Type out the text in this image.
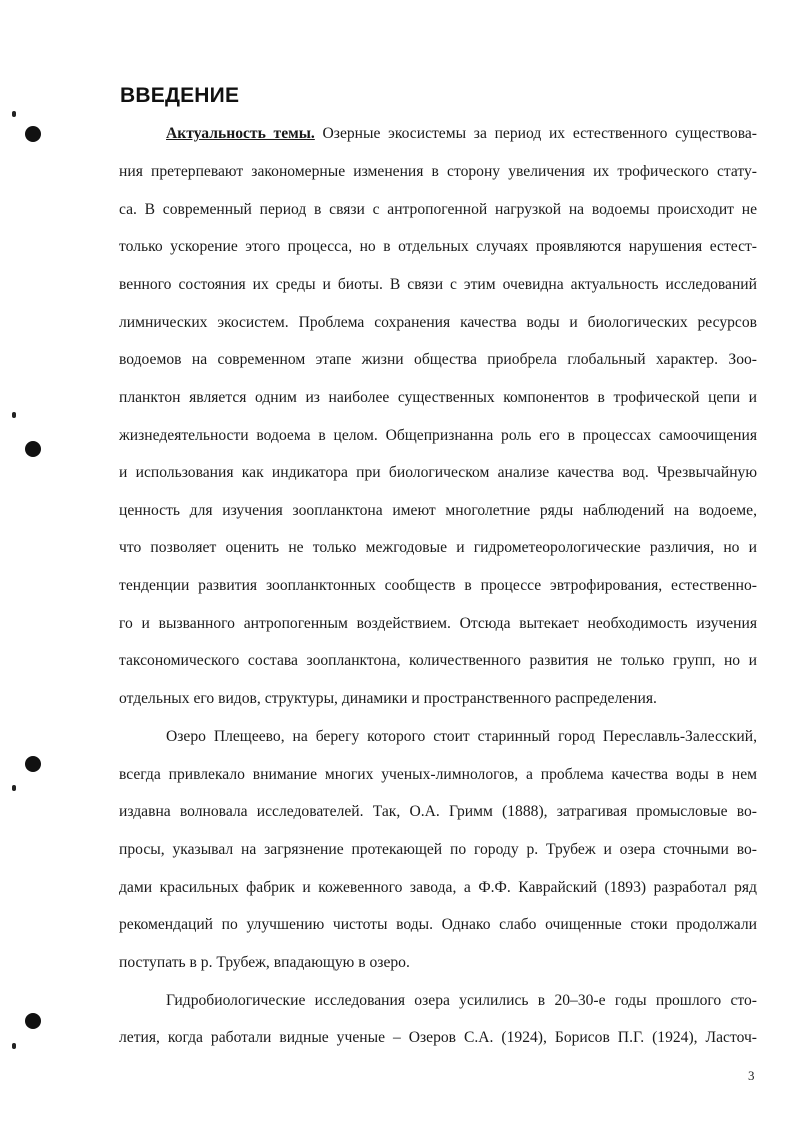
ВВЕДЕНИЕ
Актуальность темы. Озерные экосистемы за период их естественного существова-
ния претерпевают закономерные изменения в сторону увеличения их трофического стату-
са. В современный период в связи с антропогенной нагрузкой на водоемы происходит не
только ускорение этого процесса, но в отдельных случаях проявляются нарушения естест-
венного состояния их среды и биоты. В связи с этим очевидна актуальность исследований
лимнических экосистем. Проблема сохранения качества воды и биологических ресурсов
водоемов на современном этапе жизни общества приобрела глобальный характер. Зоо-
планктон является одним из наиболее существенных компонентов в трофической цепи и
жизнедеятельности водоема в целом. Общепризнанна роль его в процессах самоочищения
и использования как индикатора при биологическом анализе качества вод. Чрезвычайную
ценность для изучения зоопланктона имеют многолетние ряды наблюдений на водоеме,
что позволяет оценить не только межгодовые и гидрометеорологические различия, но и
тенденции развития зоопланктонных сообществ в процессе эвтрофирования, естественно-
го и вызванного антропогенным воздействием. Отсюда вытекает необходимость изучения
таксономического состава зоопланктона, количественного развития не только групп, но и
отдельных его видов, структуры, динамики и пространственного распределения.
Озеро Плещеево, на берегу которого стоит старинный город Переславль-Залесский,
всегда привлекало внимание многих ученых-лимнологов, а проблема качества воды в нем
издавна волновала исследователей. Так, О.А. Гримм (1888), затрагивая промысловые во-
просы, указывал на загрязнение протекающей по городу р. Трубеж и озера сточными во-
дами красильных фабрик и кожевенного завода, а Ф.Ф. Каврайский (1893) разработал ряд
рекомендаций по улучшению чистоты воды. Однако слабо очищенные стоки продолжали
поступать в р. Трубеж, впадающую в озеро.
Гидробиологические исследования озера усилились в 20–30-е годы прошлого сто-
летия, когда работали видные ученые – Озеров С.А. (1924), Борисов П.Г. (1924), Ласточ-
3
